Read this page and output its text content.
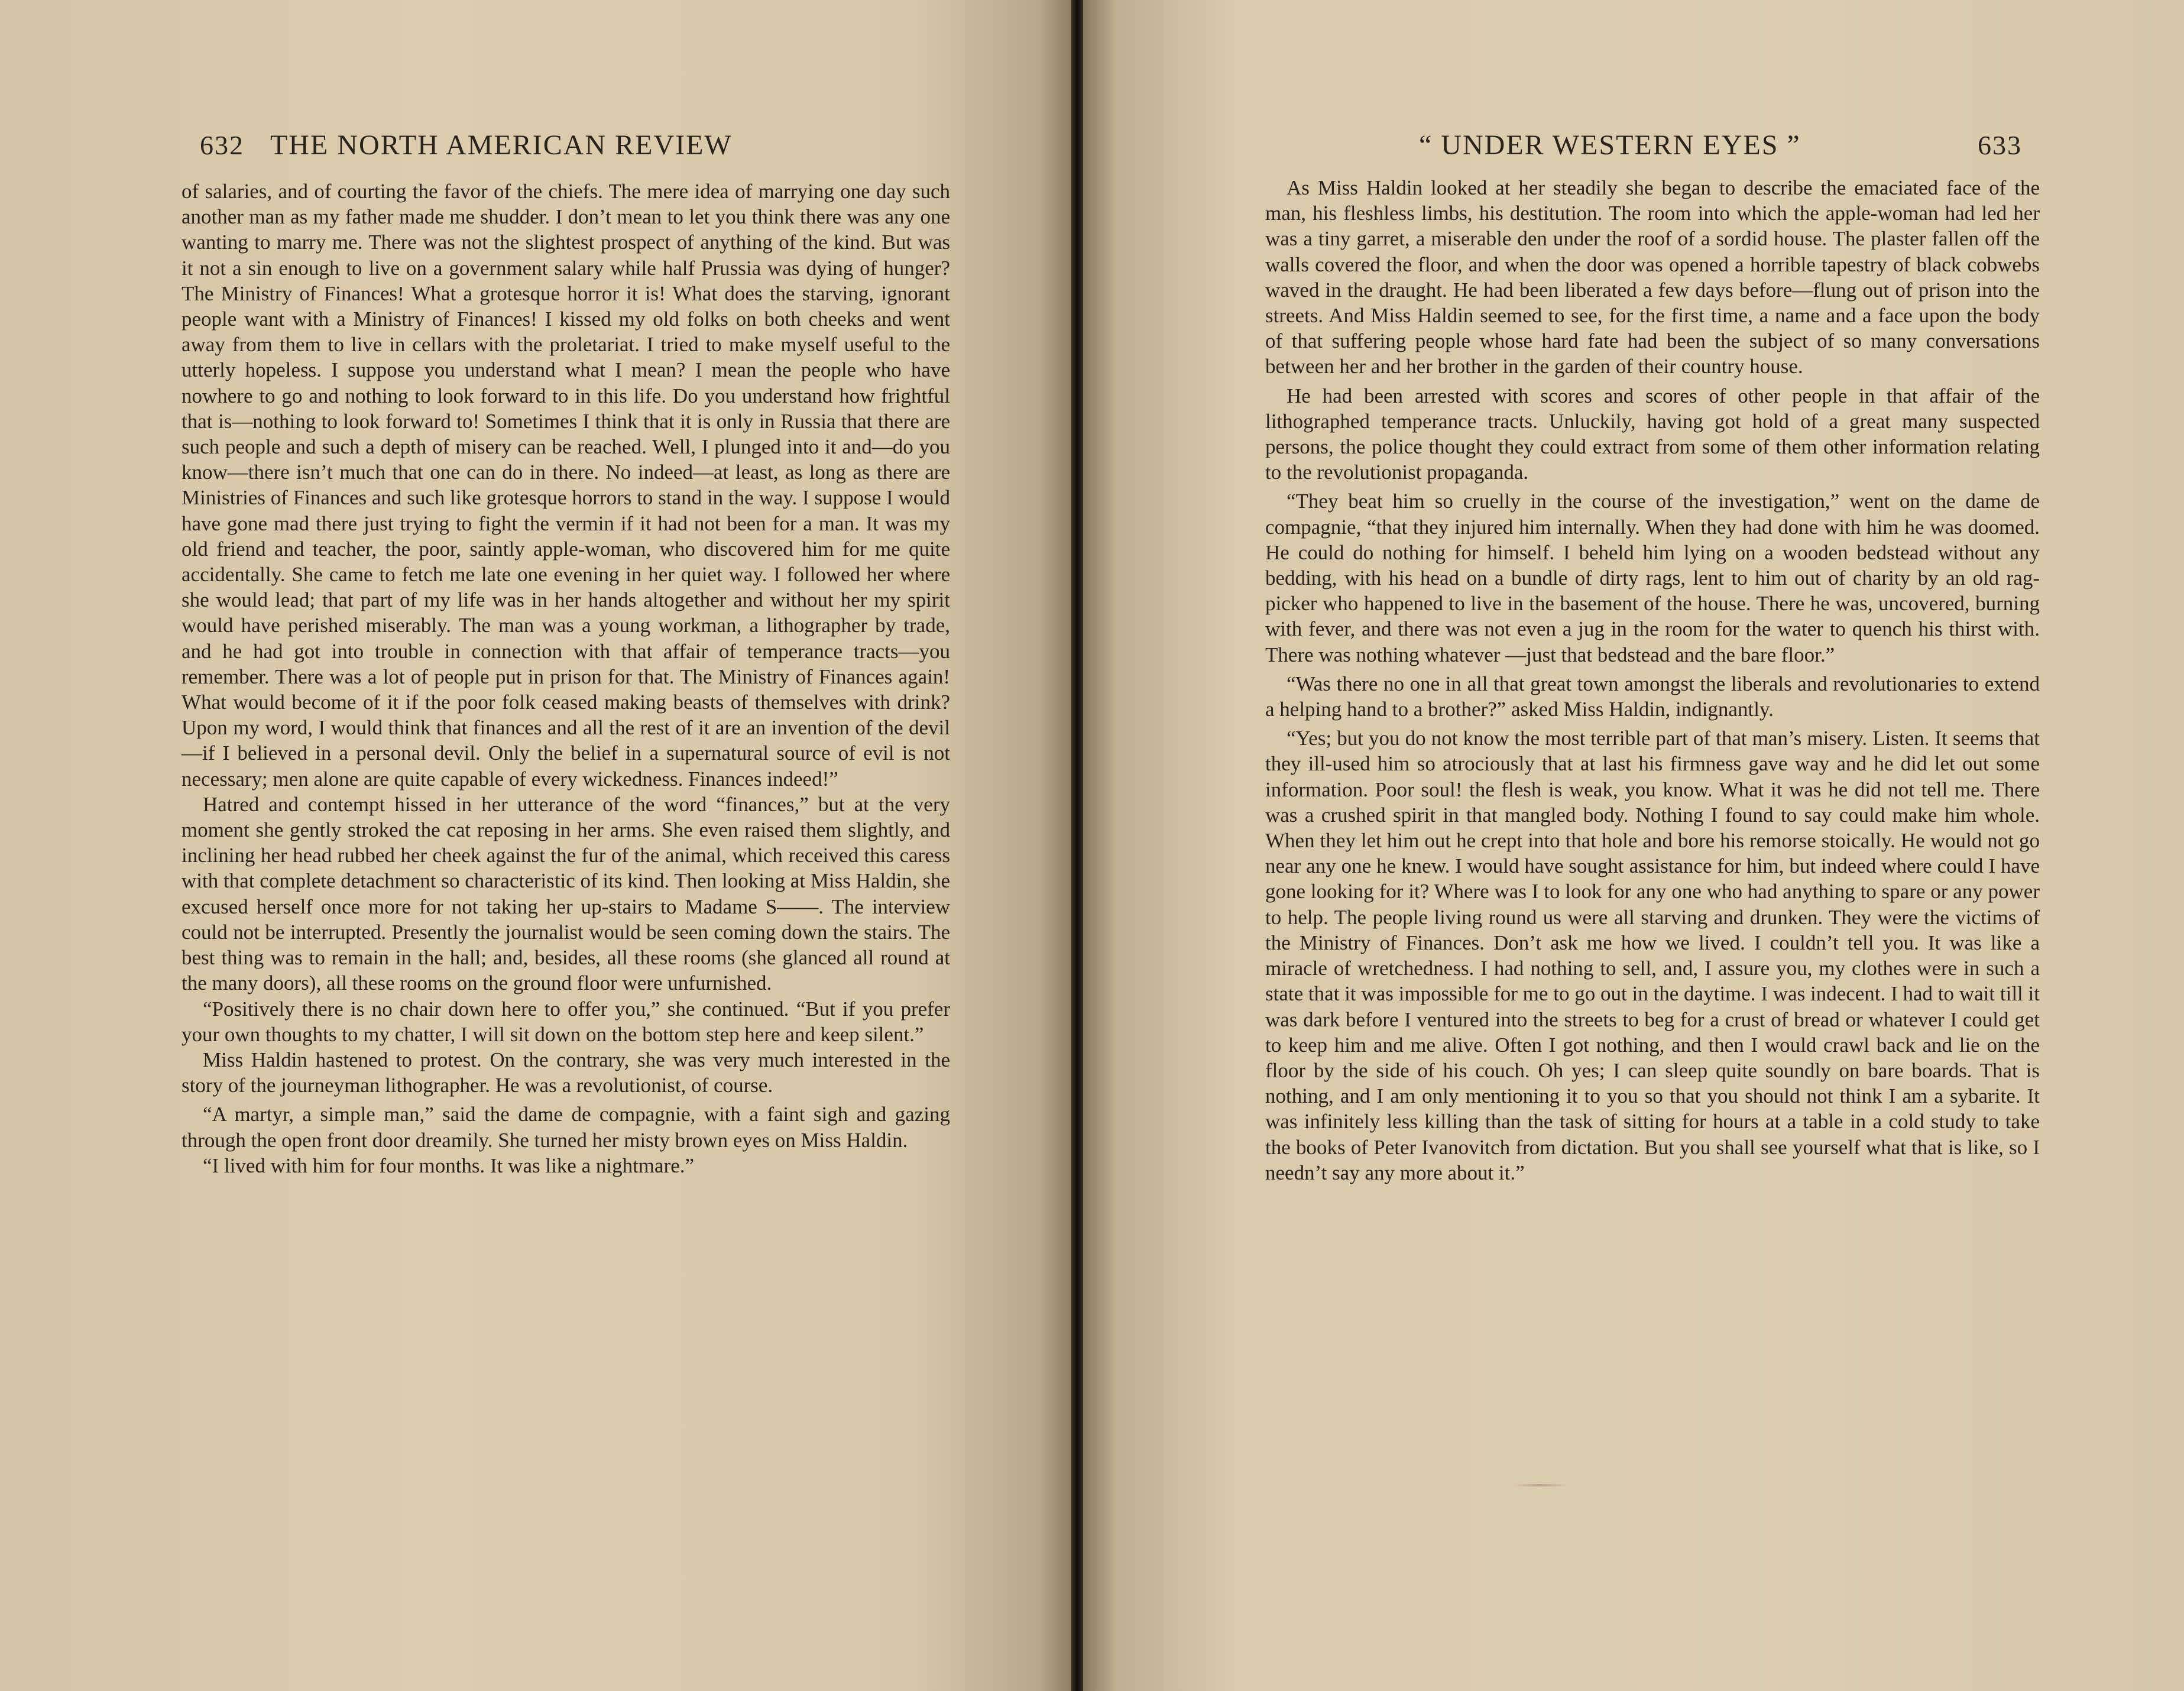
632 THE NORTH AMERICAN REVIEW

of salaries, and of courting the favor of the chiefs. The mere idea of marrying one day such another man as my father made me shudder. I don’t mean to let you think there was any one wanting to marry me. There was not the slightest prospect of anything of the kind. But was it not a sin enough to live on a government salary while half Prussia was dying of hunger? The Ministry of Finances! What a grotesque horror it is! What does the starving, ignorant people want with a Ministry of Finances! I kissed my old folks on both cheeks and went away from them to live in cellars with the proletariat. I tried to make myself useful to the utterly hopeless. I suppose you understand what I mean? I mean the people who have nowhere to go and nothing to look forward to in this life. Do you understand how frightful that is—nothing to look forward to! Sometimes I think that it is only in Russia that there are such people and such a depth of misery can be reached. Well, I plunged into it and—do you know—there isn’t much that one can do in there. No indeed—at least, as long as there are Ministries of Finances and such like grotesque horrors to stand in the way. I suppose I would have gone mad there just trying to fight the vermin if it had not been for a man. It was my old friend and teacher, the poor, saintly apple-woman, who discovered him for me quite accidentally. She came to fetch me late one evening in her quiet way. I followed her where she would lead; that part of my life was in her hands altogether and without her my spirit would have perished miserably. The man was a young workman, a lithographer by trade, and he had got into trouble in connection with that affair of temperance tracts—you remember. There was a lot of people put in prison for that. The Ministry of Finances again! What would become of it if the poor folk ceased making beasts of themselves with drink? Upon my word, I would think that finances and all the rest of it are an invention of the devil—if I believed in a personal devil. Only the belief in a supernatural source of evil is not necessary; men alone are quite capable of every wickedness. Finances indeed!”

Hatred and contempt hissed in her utterance of the word “finances,” but at the very moment she gently stroked the cat reposing in her arms. She even raised them slightly, and inclining her head rubbed her cheek against the fur of the animal, which received this caress with that complete detachment so characteristic of its kind. Then looking at Miss Haldin, she excused herself once more for not taking her up-stairs to Madame S——. The interview could not be interrupted. Presently the journalist would be seen coming down the stairs. The best thing was to remain in the hall; and, besides, all these rooms (she glanced all round at the many doors), all these rooms on the ground floor were unfurnished.

“Positively there is no chair down here to offer you,” she continued. “But if you prefer your own thoughts to my chatter, I will sit down on the bottom step here and keep silent.”

Miss Haldin hastened to protest. On the contrary, she was very much interested in the story of the journeyman lithographer. He was a revolutionist, of course.

“A martyr, a simple man,” said the dame de compagnie, with a faint sigh and gazing through the open front door dreamily. She turned her misty brown eyes on Miss Haldin.

“I lived with him for four months. It was like a nightmare.”

“ UNDER WESTERN EYES ”	633

As Miss Haldin looked at her steadily she began to describe the emaciated face of the man, his fleshless limbs, his destitution. The room into which the apple-woman had led her was a tiny garret, a miserable den under the roof of a sordid house. The plaster fallen off the walls covered the floor, and when the door was opened a horrible tapestry of black cobwebs waved in the draught. He had been liberated a few days before—flung out of prison into the streets. And Miss Haldin seemed to see, for the first time, a name and a face upon the body of that suffering people whose hard fate had been the subject of so many conversations between her and her brother in the garden of their country house.

He had been arrested with scores and scores of other people in that affair of the lithographed temperance tracts. Unluckily, having got hold of a great many suspected persons, the police thought they could extract from some of them other information relating to the revolutionist propaganda.

“They beat him so cruelly in the course of the investigation,” went on the dame de compagnie, “that they injured him internally. When they had done with him he was doomed. He could do nothing for himself. I beheld him lying on a wooden bedstead without any bedding, with his head on a bundle of dirty rags, lent to him out of charity by an old rag-picker who happened to live in the basement of the house. There he was, uncovered, burning with fever, and there was not even a jug in the room for the water to quench his thirst with. There was nothing whatever —just that bedstead and the bare floor.”

“Was there no one in all that great town amongst the liberals and revolutionaries to extend a helping hand to a brother?” asked Miss Haldin, indignantly.

“Yes; but you do not know the most terrible part of that man’s misery. Listen. It seems that they ill-used him so atrociously that at last his firmness gave way and he did let out some information. Poor soul! the flesh is weak, you know. What it was he did not tell me. There was a crushed spirit in that mangled body. Nothing I found to say could make him whole. When they let him out he crept into that hole and bore his remorse stoically. He would not go near any one he knew. I would have sought assistance for him, but indeed where could I have gone looking for it? Where was I to look for any one who had anything to spare or any power to help. The people living round us were all starving and drunken. They were the victims of the Ministry of Finances. Don’t ask me how we lived. I couldn’t tell you. It was like a miracle of wretchedness. I had nothing to sell, and, I assure you, my clothes were in such a state that it was impossible for me to go out in the daytime. I was indecent. I had to wait till it was dark before I ventured into the streets to beg for a crust of bread or whatever I could get to keep him and me alive. Often I got nothing, and then I would crawl back and lie on the floor by the side of his couch. Oh yes; I can sleep quite soundly on bare boards. That is nothing, and I am only mentioning it to you so that you should not think I am a sybarite. It was infinitely less killing than the task of sitting for hours at a table in a cold study to take the books of Peter Ivanovitch from dictation. But you shall see yourself what that is like, so I needn’t say any more about it.”
